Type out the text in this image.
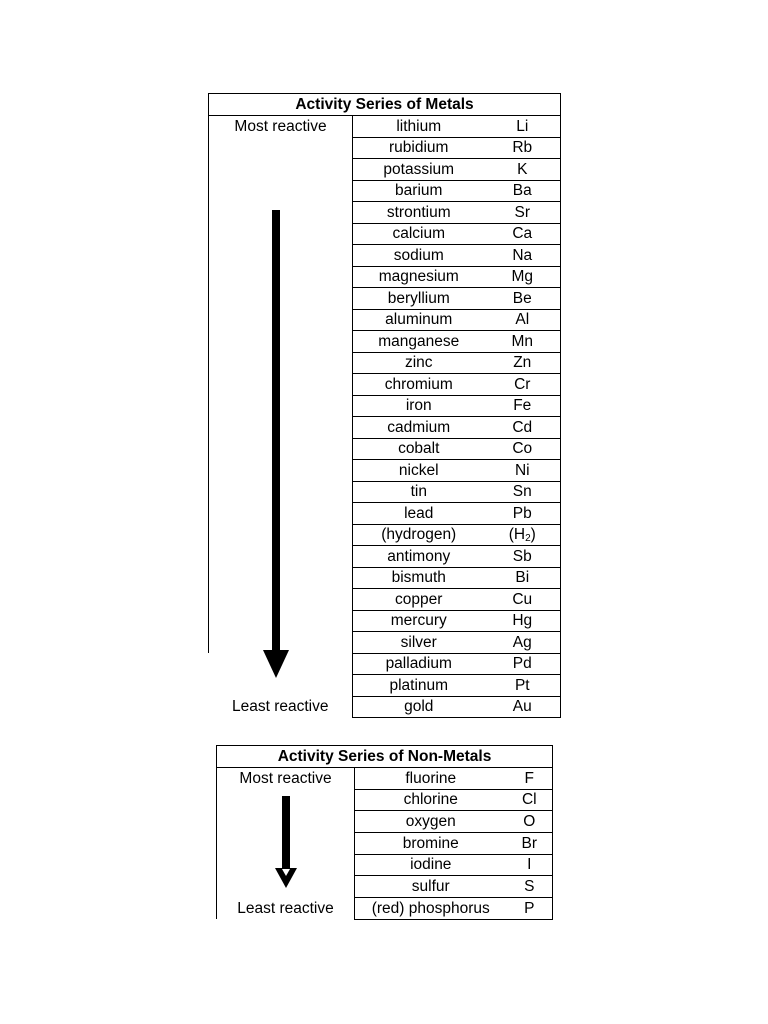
Activity Series of Metals		
Most reactive	lithium	Li
	rubidium	Rb
	potassium	K
	barium	Ba
	strontium	Sr
	calcium	Ca
	sodium	Na
	magnesium	Mg
	beryllium	Be
	aluminum	Al
	manganese	Mn
	zinc	Zn
	chromium	Cr
	iron	Fe
	cadmium	Cd
	cobalt	Co
	nickel	Ni
	tin	Sn
	lead	Pb
	(hydrogen)	$(H_2)$
	antimony	Sb
	bismuth	Bi
	copper	Cu
	mercury	Hg
	silver	Ag
	palladium	Pd
	platinum	Pt
Least reactive	gold	Au
Activity Series of Non-Metals		
Most reactive	fluorine	F
	chlorine	Cl
	oxygen	O
	bromine	Br
	iodine	I
	sulfur	S
Least reactive	(red) phosphorus	P
